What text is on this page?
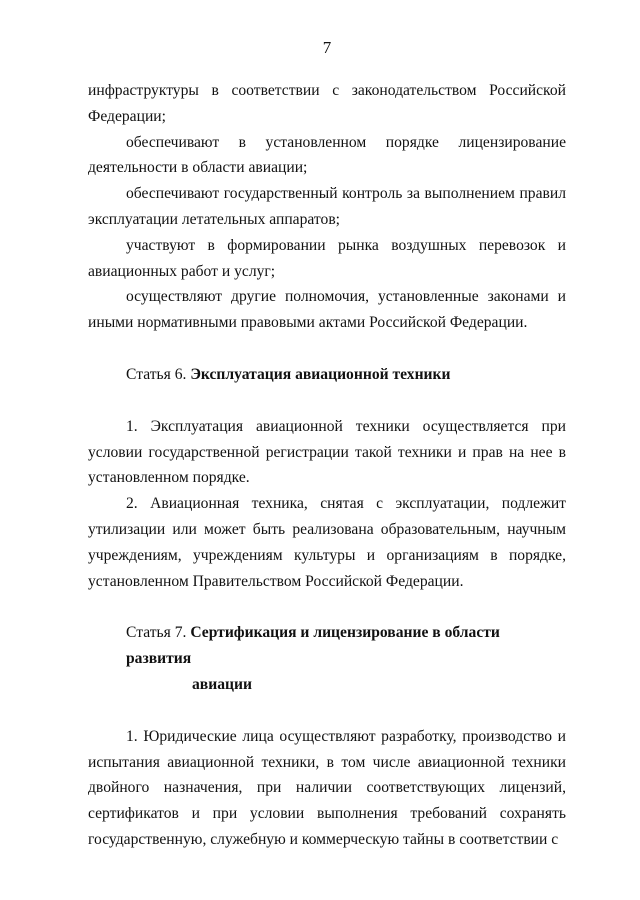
7

инфраструктуры в соответствии с законодательством Российской Федерации;

обеспечивают в установленном порядке лицензирование деятельности в области авиации;

обеспечивают государственный контроль за выполнением правил эксплуатации летательных аппаратов;

участвуют в формировании рынка воздушных перевозок и авиационных работ и услуг;

осуществляют другие полномочия, установленные законами и иными нормативными правовыми актами Российской Федерации.

Статья 6. Эксплуатация авиационной техники

1. Эксплуатация авиационной техники осуществляется при условии государственной регистрации такой техники и прав на нее в установленном порядке.

2. Авиационная техника, снятая с эксплуатации, подлежит утилизации или может быть реализована образовательным, научным учреждениям, учреждениям культуры и организациям в порядке, установленном Правительством Российской Федерации.

Статья 7. Сертификация и лицензирование в области развития
авиации

1. Юридические лица осуществляют разработку, производство и испытания авиационной техники, в том числе авиационной техники двойного назначения, при наличии соответствующих лицензий, сертификатов и при условии выполнения требований сохранять государственную, служебную и коммерческую тайны в соответствии с
